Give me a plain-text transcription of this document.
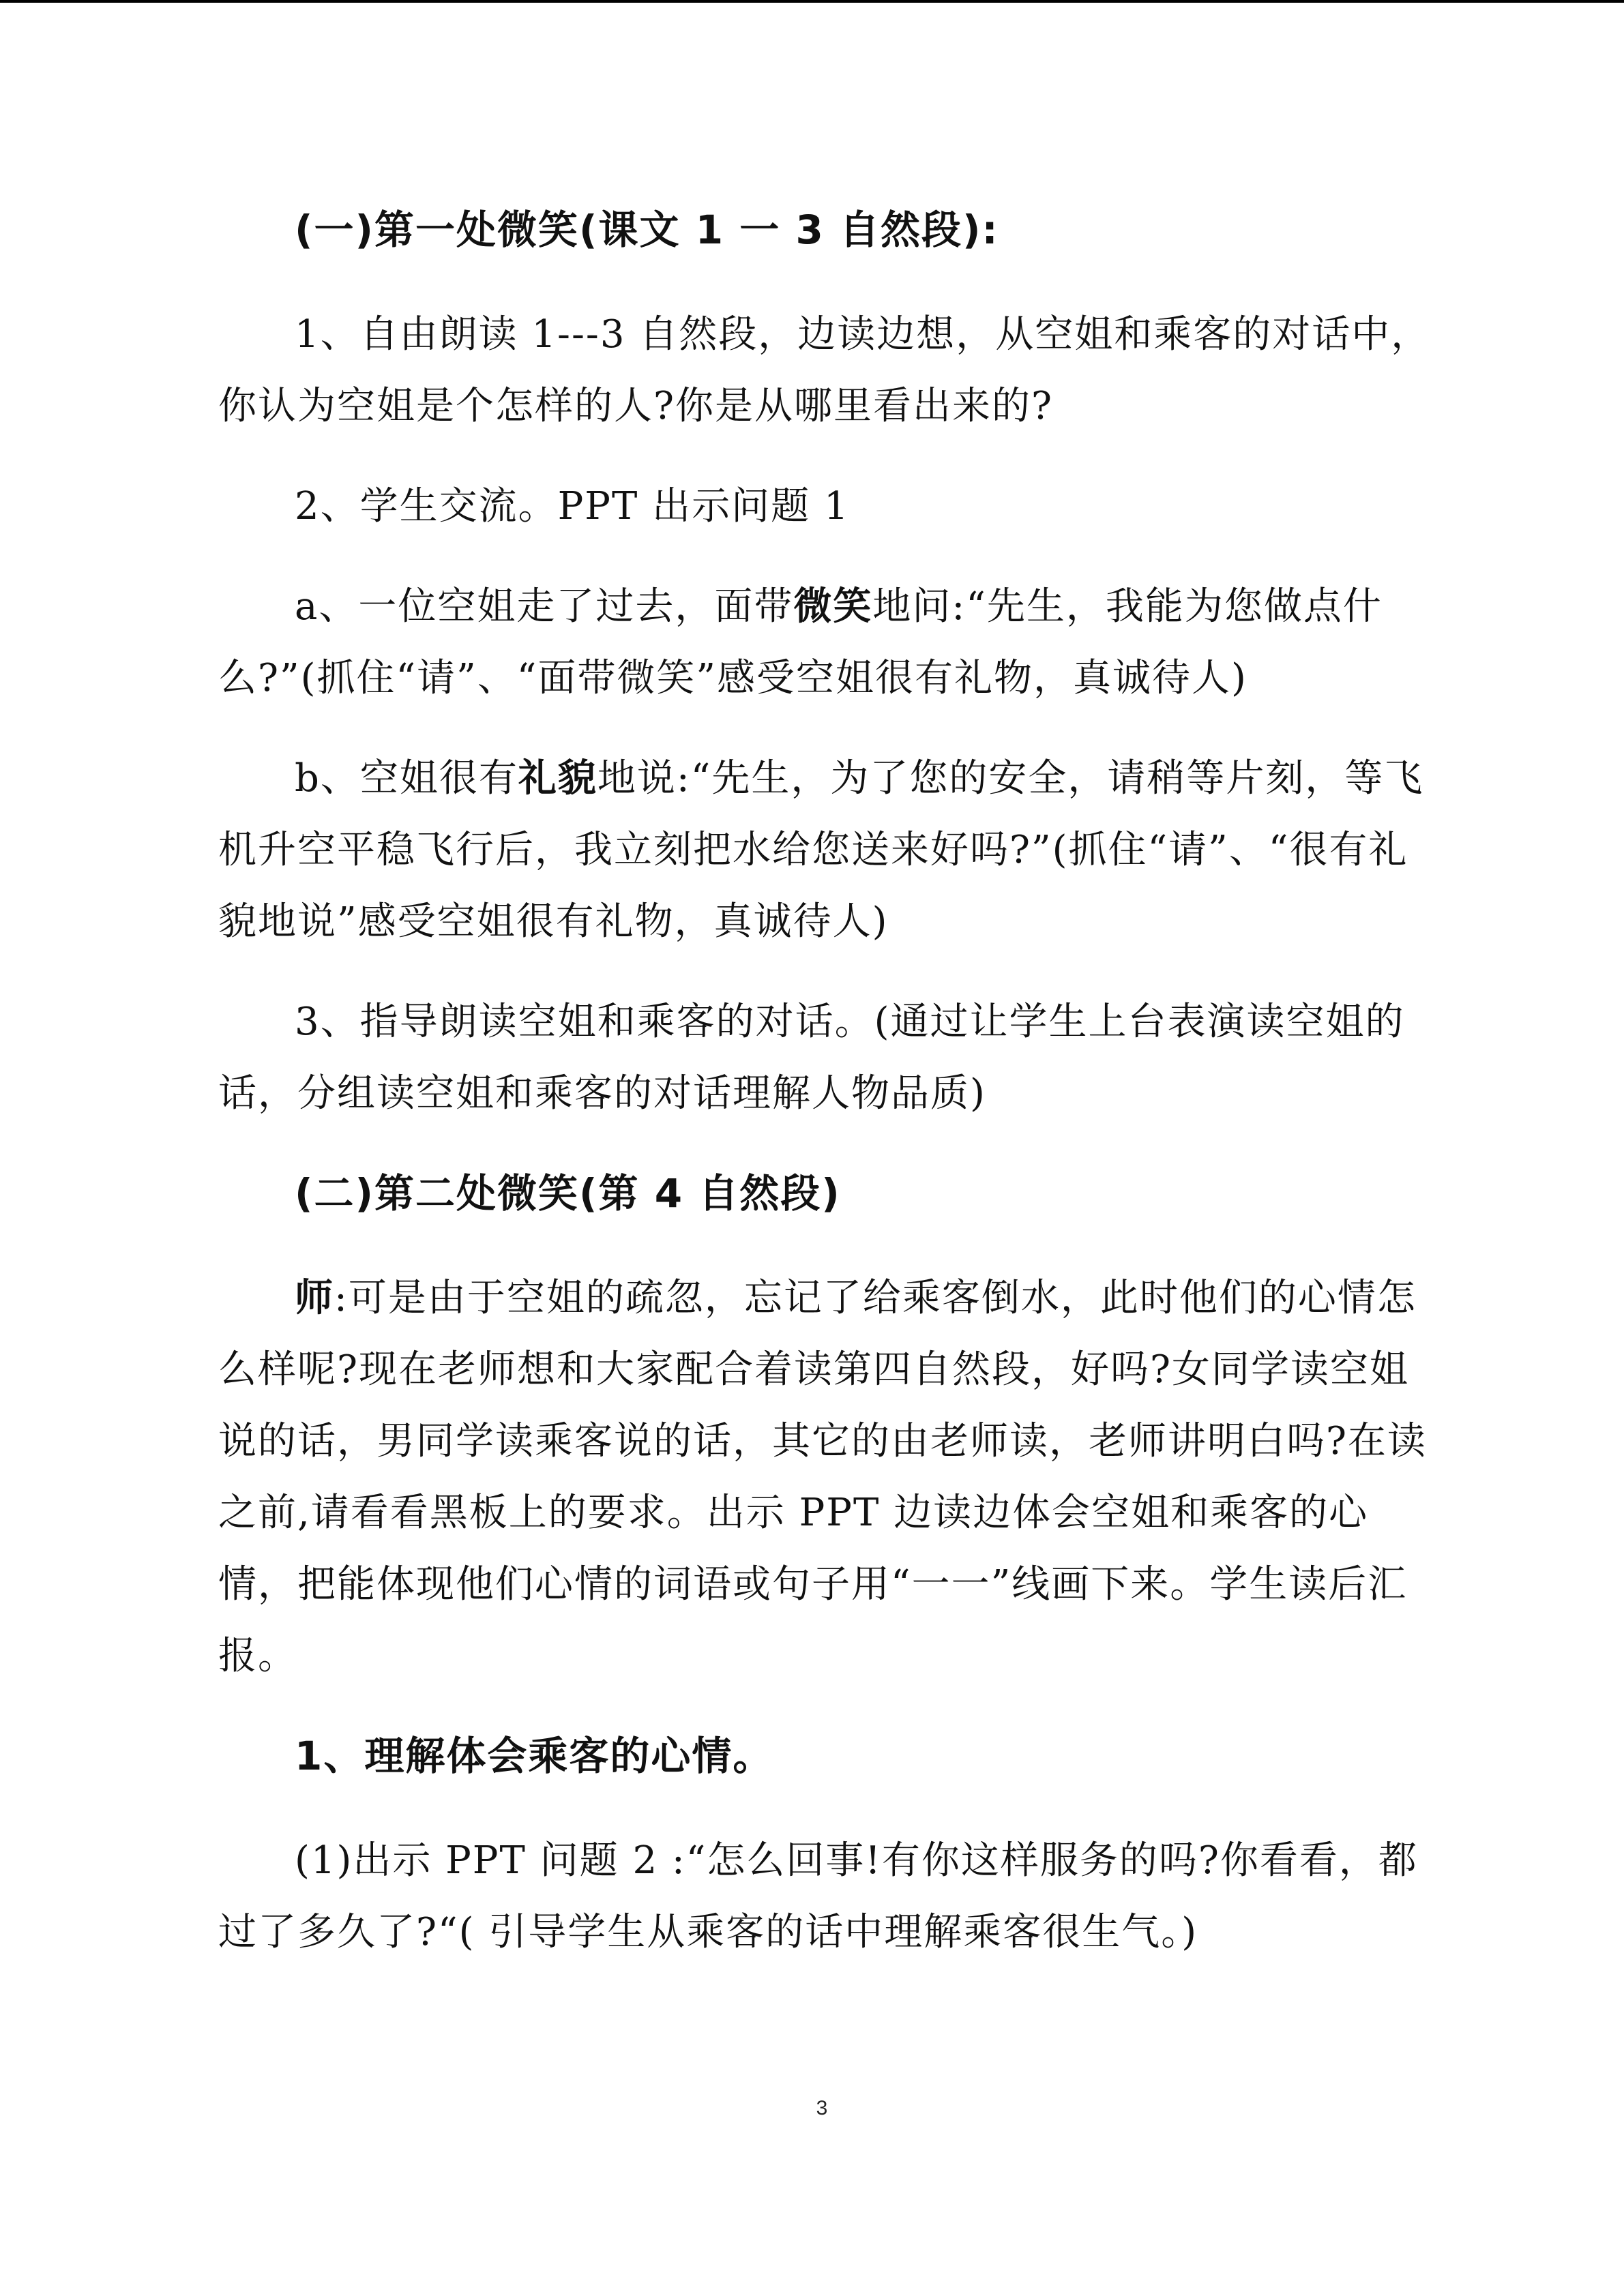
(一)第一处微笑(课文 1 一 3 自然段):

1、自由朗读 1---3 自然段，边读边想，从空姐和乘客的对话中，你认为空姐是个怎样的人?你是从哪里看出来的?

2、学生交流。PPT 出示问题 1

a、一位空姐走了过去，面带微笑地问:“先生，我能为您做点什么?”(抓住“请”、“面带微笑”感受空姐很有礼物，真诚待人)

b、空姐很有礼貌地说:“先生，为了您的安全，请稍等片刻，等飞机升空平稳飞行后，我立刻把水给您送来好吗?”(抓住“请”、“很有礼貌地说”感受空姐很有礼物，真诚待人)

3、指导朗读空姐和乘客的对话。(通过让学生上台表演读空姐的话，分组读空姐和乘客的对话理解人物品质)

(二)第二处微笑(第 4 自然段)

师:可是由于空姐的疏忽，忘记了给乘客倒水，此时他们的心情怎么样呢?现在老师想和大家配合着读第四自然段，好吗?女同学读空姐说的话，男同学读乘客说的话，其它的由老师读，老师讲明白吗?在读之前,请看看黑板上的要求。出示 PPT 边读边体会空姐和乘客的心情，把能体现他们心情的词语或句子用“一一”线画下来。学生读后汇报。

1、理解体会乘客的心情。

(1)出示 PPT 问题 2 :“怎么回事!有你这样服务的吗?你看看，都过了多久了?“( 引导学生从乘客的话中理解乘客很生气。)

3
